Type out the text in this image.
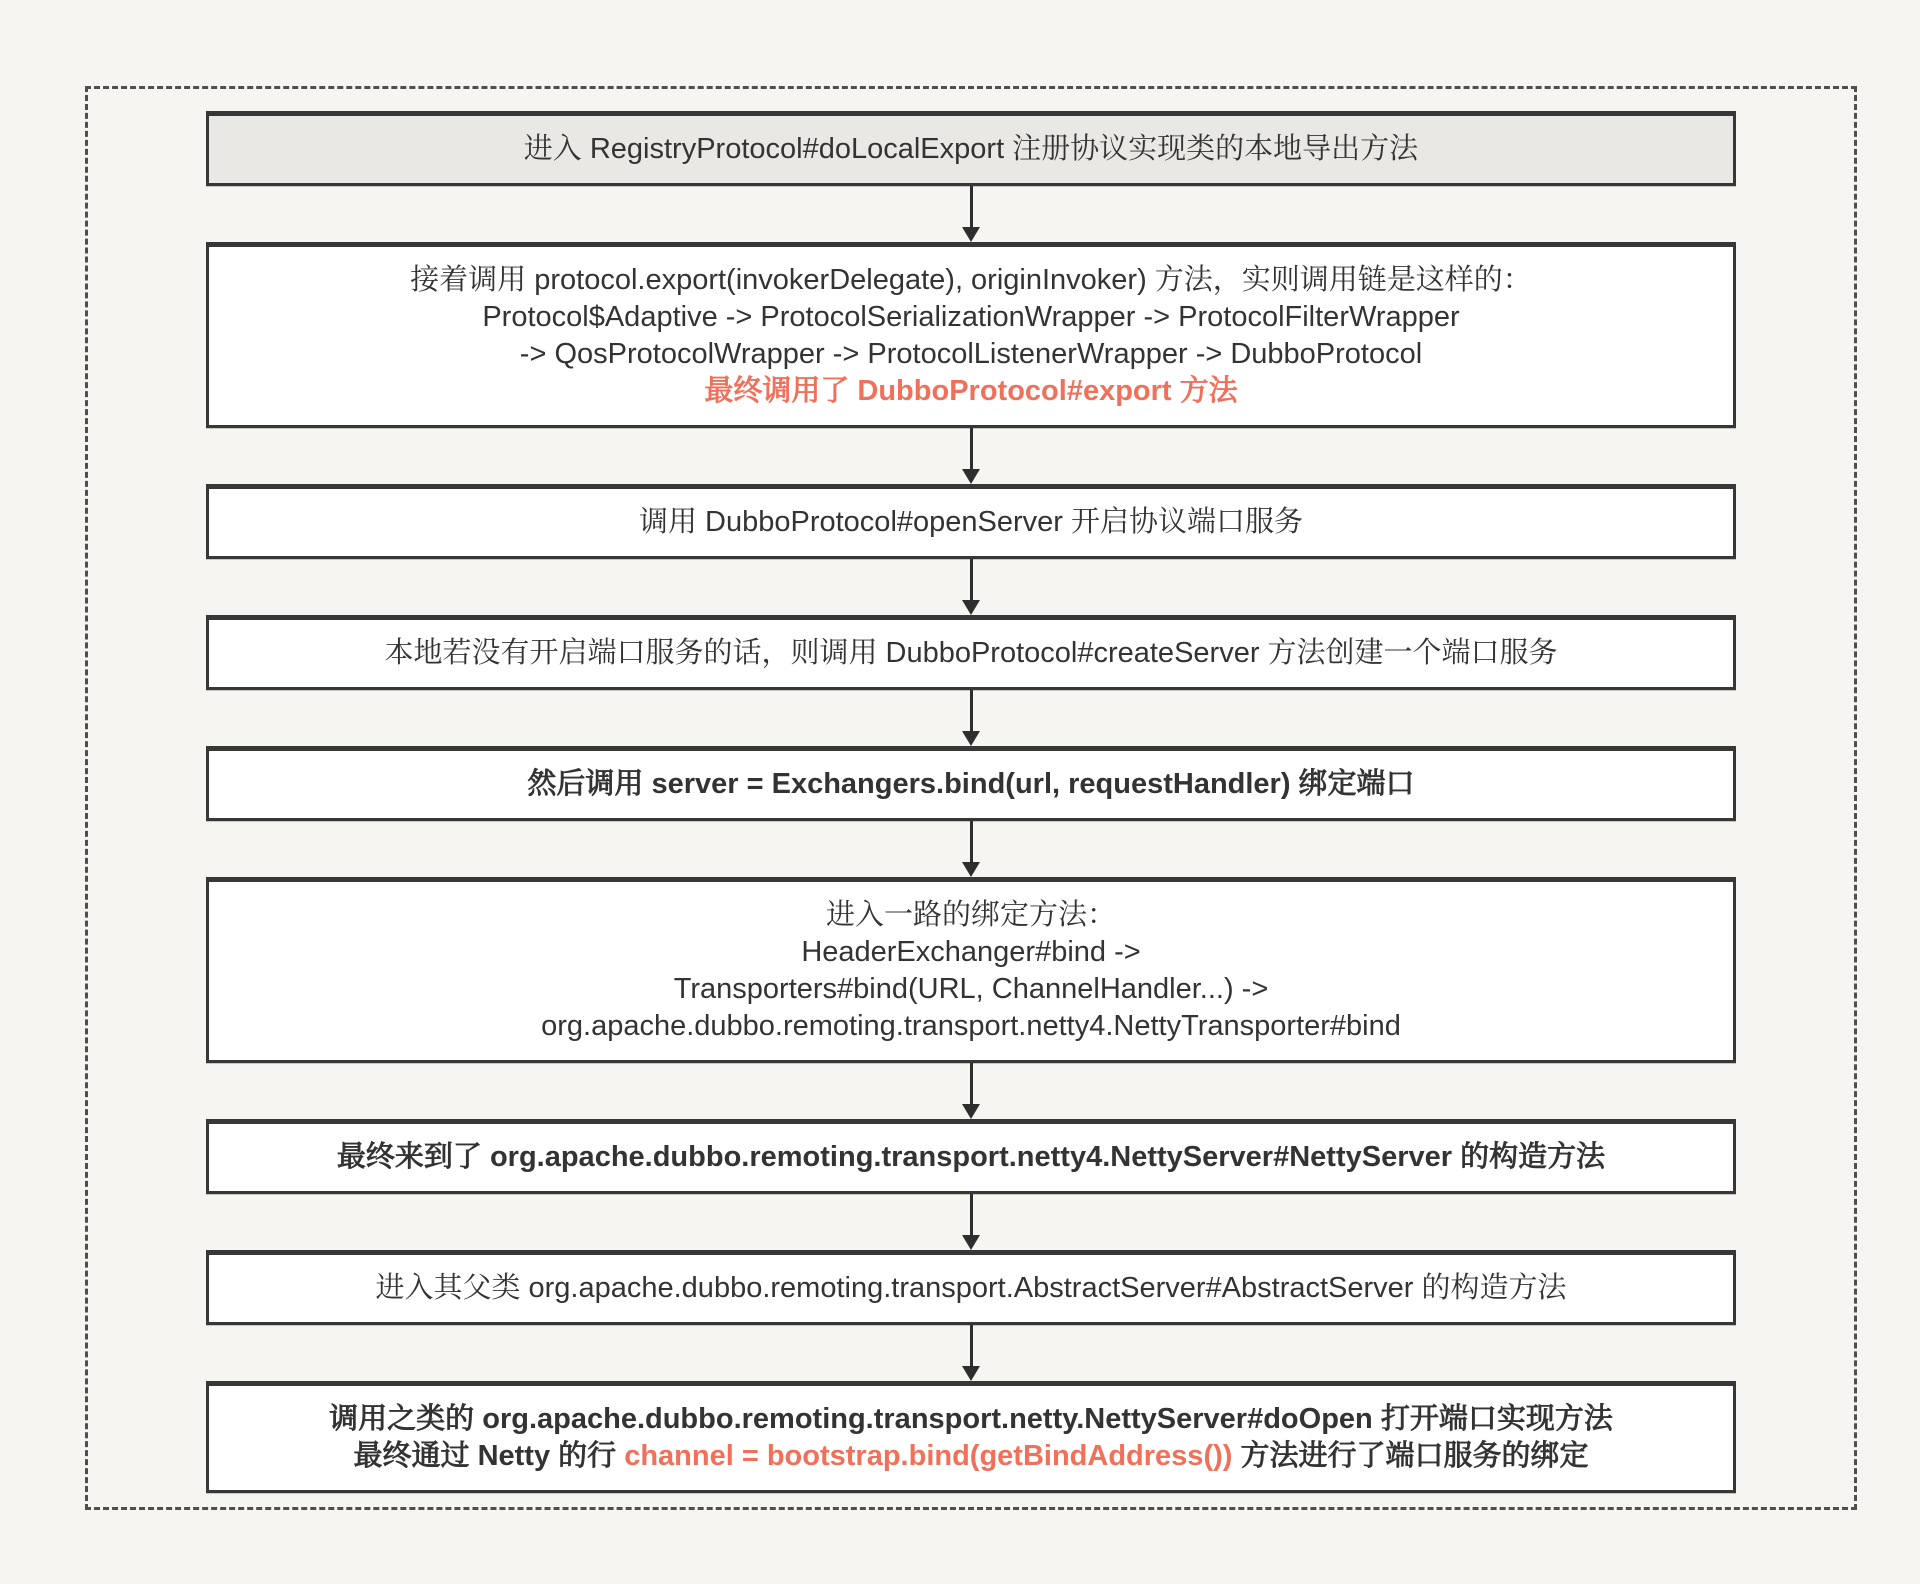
进入 RegistryProtocol#doLocalExport 注册协议实现类的本地导出方法
接着调用 protocol.export(invokerDelegate), originInvoker) 方法，实则调用链是这样的：
Protocol$Adaptive -> ProtocolSerializationWrapper -> ProtocolFilterWrapper
-> QosProtocolWrapper -> ProtocolListenerWrapper -> DubboProtocol
最终调用了 DubboProtocol#export 方法
调用 DubboProtocol#openServer 开启协议端口服务
本地若没有开启端口服务的话，则调用 DubboProtocol#createServer 方法创建一个端口服务
然后调用 server = Exchangers.bind(url, requestHandler) 绑定端口
进入一路的绑定方法：
HeaderExchanger#bind ->
Transporters#bind(URL, ChannelHandler...) ->
org.apache.dubbo.remoting.transport.netty4.NettyTransporter#bind
最终来到了 org.apache.dubbo.remoting.transport.netty4.NettyServer#NettyServer 的构造方法
进入其父类 org.apache.dubbo.remoting.transport.AbstractServer#AbstractServer 的构造方法
调用之类的 org.apache.dubbo.remoting.transport.netty.NettyServer#doOpen 打开端口实现方法
最终通过 Netty 的行 channel = bootstrap.bind(getBindAddress()) 方法进行了端口服务的绑定
